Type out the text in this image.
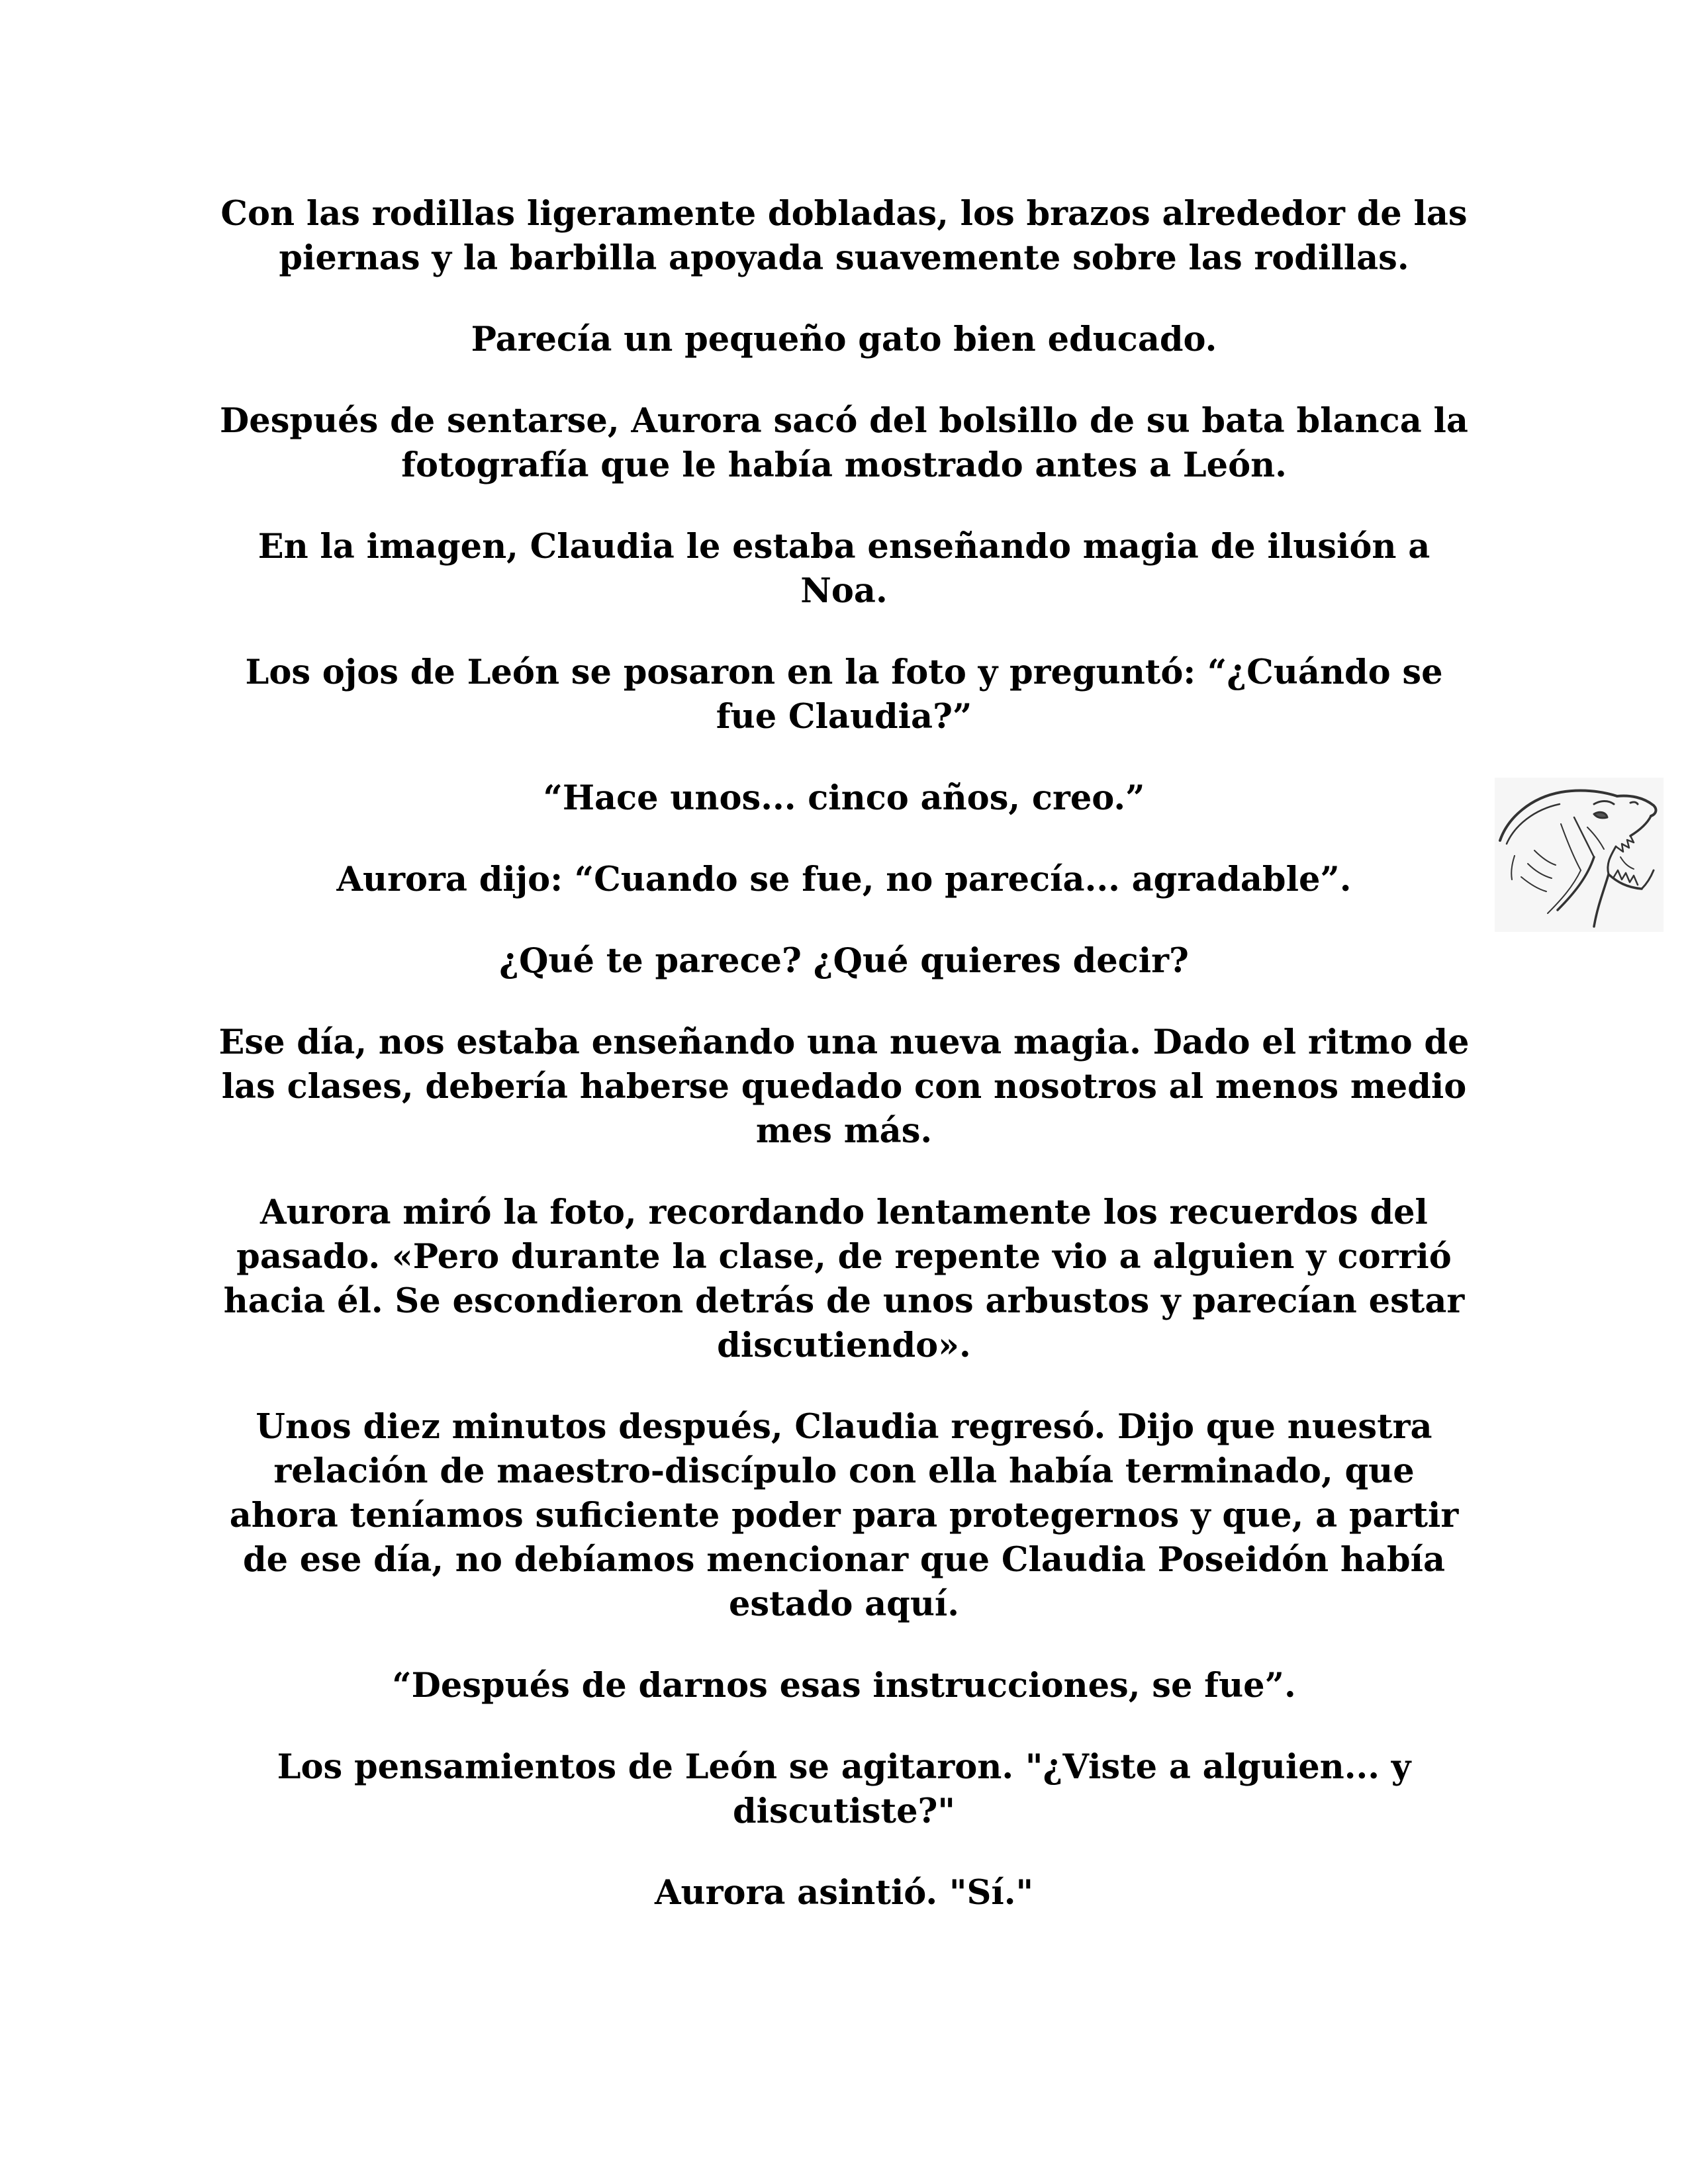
Con las rodillas ligeramente dobladas, los brazos alrededor de las piernas y la barbilla apoyada suavemente sobre las rodillas.

Parecía un pequeño gato bien educado.

Después de sentarse, Aurora sacó del bolsillo de su bata blanca la fotografía que le había mostrado antes a León.

En la imagen, Claudia le estaba enseñando magia de ilusión a Noa.

Los ojos de León se posaron en la foto y preguntó: “¿Cuándo se fue Claudia?”

“Hace unos... cinco años, creo.”

Aurora dijo: “Cuando se fue, no parecía... agradable”.

¿Qué te parece? ¿Qué quieres decir?

Ese día, nos estaba enseñando una nueva magia. Dado el ritmo de las clases, debería haberse quedado con nosotros al menos medio mes más.

Aurora miró la foto, recordando lentamente los recuerdos del pasado. «Pero durante la clase, de repente vio a alguien y corrió hacia él. Se escondieron detrás de unos arbustos y parecían estar discutiendo».

Unos diez minutos después, Claudia regresó. Dijo que nuestra relación de maestro-discípulo con ella había terminado, que ahora teníamos suficiente poder para protegernos y que, a partir de ese día, no debíamos mencionar que Claudia Poseidón había estado aquí.

“Después de darnos esas instrucciones, se fue”.

Los pensamientos de León se agitaron. "¿Viste a alguien... y discutiste?"

Aurora asintió. "Sí."
